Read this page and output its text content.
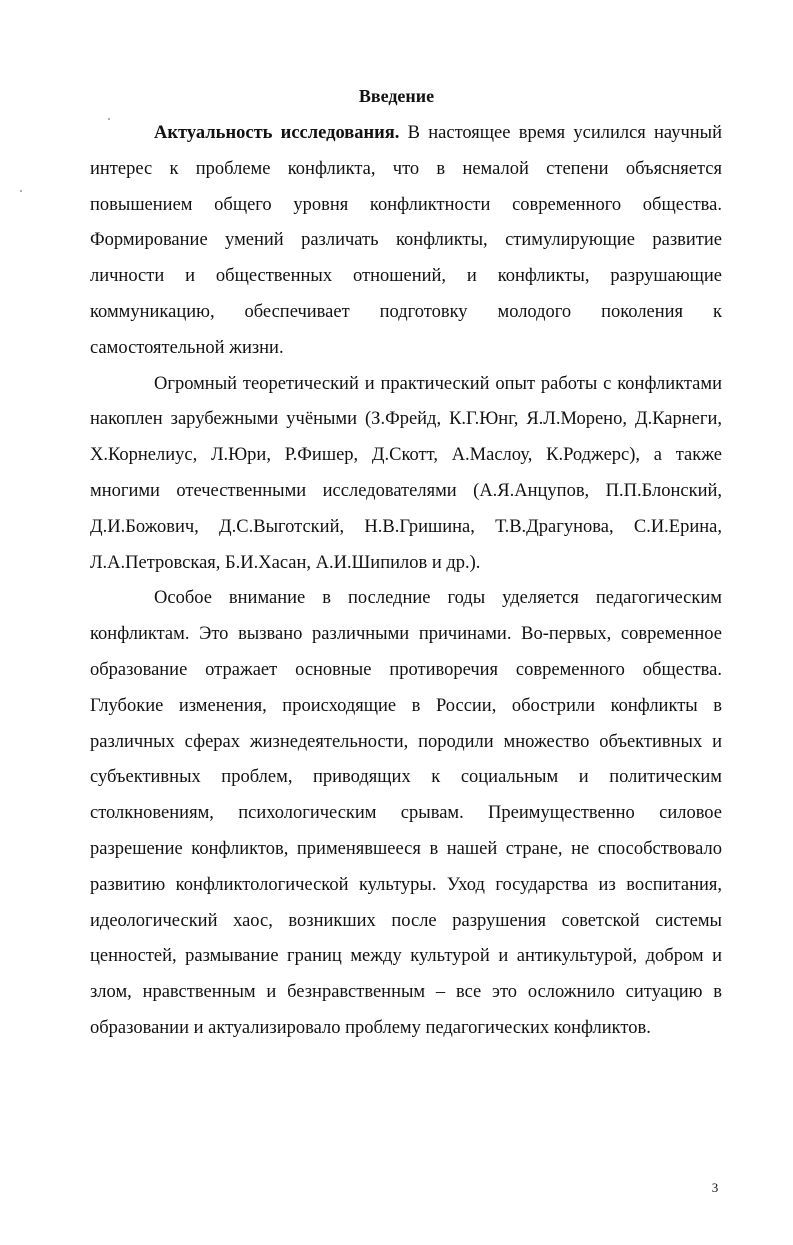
Введение

Актуальность исследования. В настоящее время усилился научный интерес к проблеме конфликта, что в немалой степени объясняется повышением общего уровня конфликтности современного общества. Формирование умений различать конфликты, стимулирующие развитие личности и общественных отношений, и конфликты, разрушающие коммуникацию, обеспечивает подготовку молодого поколения к самостоятельной жизни.

Огромный теоретический и практический опыт работы с конфликтами накоплен зарубежными учёными (З.Фрейд, К.Г.Юнг, Я.Л.Морено, Д.Карнеги, Х.Корнелиус, Л.Юри, Р.Фишер, Д.Скотт, А.Маслоу, К.Роджерс), а также многими отечественными исследователями (А.Я.Анцупов, П.П.Блонский, Д.И.Божович, Д.С.Выготский, Н.В.Гришина, Т.В.Драгунова, С.И.Ерина, Л.А.Петровская, Б.И.Хасан, А.И.Шипилов и др.).

Особое внимание в последние годы уделяется педагогическим конфликтам. Это вызвано различными причинами. Во-первых, современное образование отражает основные противоречия современного общества. Глубокие изменения, происходящие в России, обострили конфликты в различных сферах жизнедеятельности, породили множество объективных и субъективных проблем, приводящих к социальным и политическим столкновениям, психологическим срывам. Преимущественно силовое разрешение конфликтов, применявшееся в нашей стране, не способствовало развитию конфликтологической культуры. Уход государства из воспитания, идеологический хаос, возникших после разрушения советской системы ценностей, размывание границ между культурой и антикультурой, добром и злом, нравственным и безнравственным – все это осложнило ситуацию в образовании и актуализировало проблему педагогических конфликтов.

3
